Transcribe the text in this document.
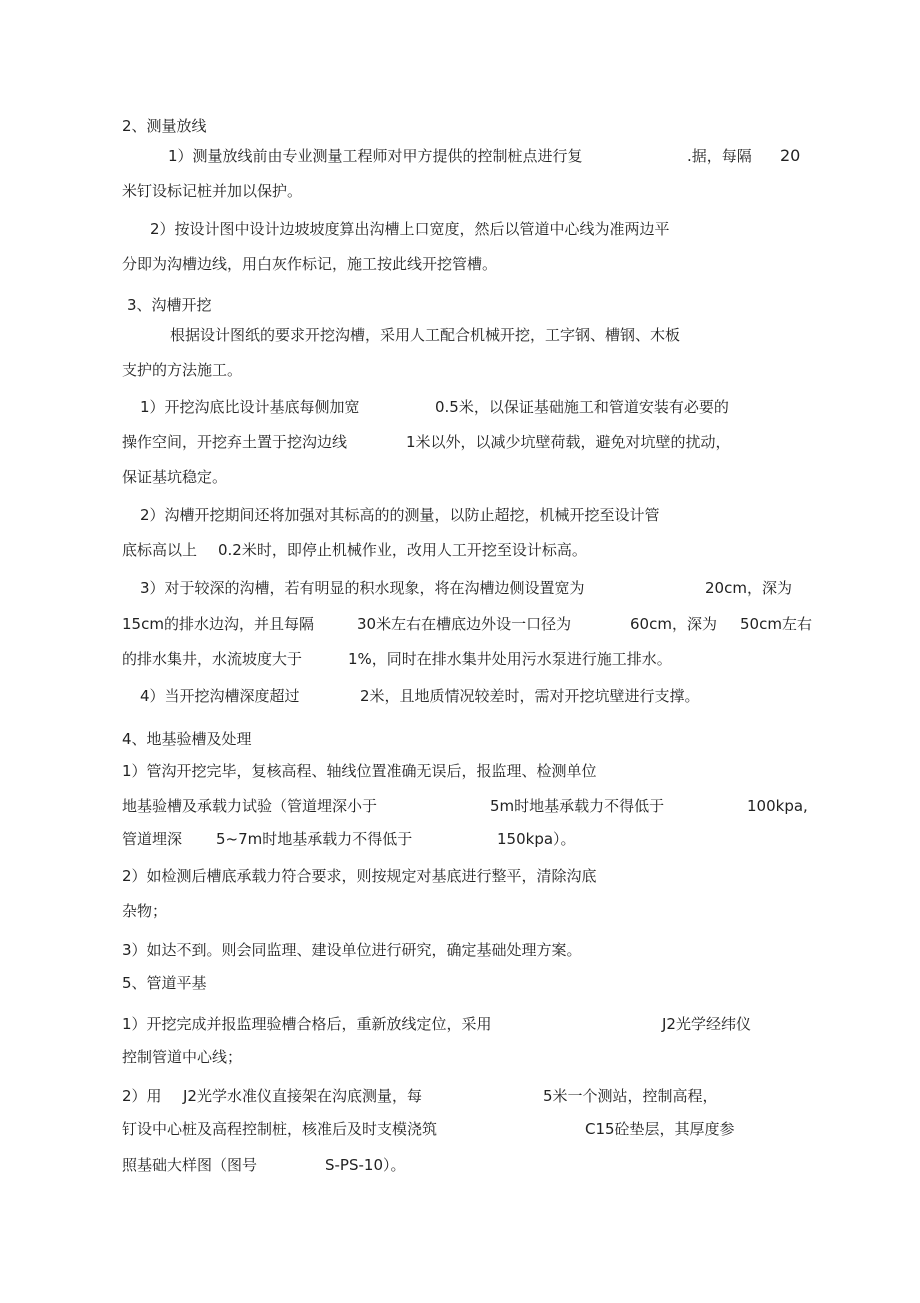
2、测量放线
1）测量放线前由专业测量工程师对甲方提供的控制桩点进行复	.据，每隔 20
米钉设标记桩并加以保护。
2）按设计图中设计边坡坡度算出沟槽上口宽度，然后以管道中心线为准两边平
分即为沟槽边线，用白灰作标记，施工按此线开挖管槽。
3、沟槽开挖
根据设计图纸的要求开挖沟槽，采用人工配合机械开挖，工字钢、槽钢、木板
支护的方法施工。
1）开挖沟底比设计基底每侧加宽	0.5米，以保证基础施工和管道安装有必要的
操作空间，开挖弃土置于挖沟边线	1米以外，以减少坑壁荷载，避免对坑壁的扰动，
保证基坑稳定。
2）沟槽开挖期间还将加强对其标高的的测量，以防止超挖，机械开挖至设计管
底标高以上 0.2米时，即停止机械作业，改用人工开挖至设计标高。
3）对于较深的沟槽，若有明显的积水现象，将在沟槽边侧设置宽为	20cm，深为
15cm的排水边沟，并且每隔	30米左右在槽底边外设一口径为	60cm，深为 50cm左右
的排水集井，水流坡度大于	1%，同时在排水集井处用污水泵进行施工排水。
4）当开挖沟槽深度超过	2米，且地质情况较差时，需对开挖坑壁进行支撑。
4、地基验槽及处理
1）管沟开挖完毕，复核高程、轴线位置准确无误后，报监理、检测单位
地基验槽及承载力试验（管道埋深小于	5m时地基承载力不得低于	100kpa,
管道埋深 5~7m时地基承载力不得低于	150kpa）。
2）如检测后槽底承载力符合要求，则按规定对基底进行整平，清除沟底
杂物；
3）如达不到。则会同监理、建设单位进行研究，确定基础处理方案。
5、管道平基
1）开挖完成并报监理验槽合格后，重新放线定位，采用	J2光学经纬仪
控制管道中心线；
2）用 J2光学水准仪直接架在沟底测量，每	5米一个测站，控制高程，
钉设中心桩及高程控制桩，核准后及时支模浇筑	C15砼垫层，其厚度参
照基础大样图（图号	S-PS-10）。
